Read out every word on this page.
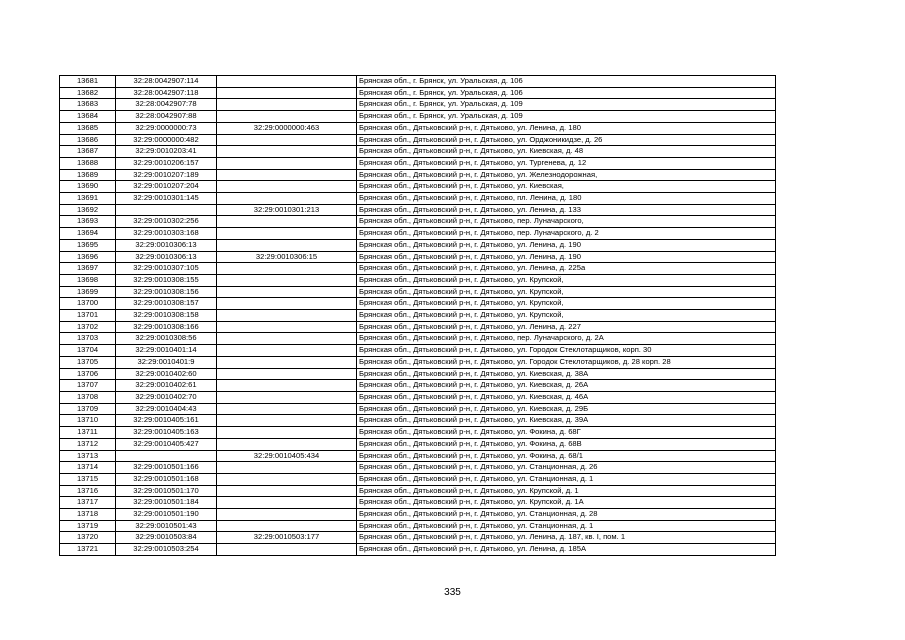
13681	32:28:0042907:114		Брянская обл., г. Брянск, ул. Уральская, д. 106
13682	32:28:0042907:118		Брянская обл., г. Брянск, ул. Уральская, д. 106
13683	32:28:0042907:78		Брянская обл., г. Брянск, ул. Уральская, д. 109
13684	32:28:0042907:88		Брянская обл., г. Брянск, ул. Уральская, д. 109
13685	32:29:0000000:73	32:29:0000000:463	Брянская обл., Дятьковский р-н, г. Дятьково, ул. Ленина, д. 180
13686	32:29:0000000:482		Брянская обл., Дятьковский р-н, г. Дятьково, ул. Орджоникидзе, д. 26
13687	32:29:0010203:41		Брянская обл., Дятьковский р-н, г. Дятьково, ул. Киевская, д. 48
13688	32:29:0010206:157		Брянская обл., Дятьковский р-н, г. Дятьково, ул. Тургенева, д. 12
13689	32:29:0010207:189		Брянская обл., Дятьковский р-н, г. Дятьково, ул. Железнодорожная,
13690	32:29:0010207:204		Брянская обл., Дятьковский р-н, г. Дятьково, ул. Киевская,
13691	32:29:0010301:145		Брянская обл., Дятьковский р-н, г. Дятьково, пл. Ленина, д. 180
13692		32:29:0010301:213	Брянская обл., Дятьковский р-н, г. Дятьково, ул. Ленина, д. 133
13693	32:29:0010302:256		Брянская обл., Дятьковский р-н, г. Дятьково, пер. Луначарского,
13694	32:29:0010303:168		Брянская обл., Дятьковский р-н, г. Дятьково, пер. Луначарского, д. 2
13695	32:29:0010306:13		Брянская обл., Дятьковский р-н, г. Дятьково, ул. Ленина, д. 190
13696	32:29:0010306:13	32:29:0010306:15	Брянская обл., Дятьковский р-н, г. Дятьково, ул. Ленина, д. 190
13697	32:29:0010307:105		Брянская обл., Дятьковский р-н, г. Дятьково, ул. Ленина, д. 225а
13698	32:29:0010308:155		Брянская обл., Дятьковский р-н, г. Дятьково, ул. Крупской,
13699	32:29:0010308:156		Брянская обл., Дятьковский р-н, г. Дятьково, ул. Крупской,
13700	32:29:0010308:157		Брянская обл., Дятьковский р-н, г. Дятьково, ул. Крупской,
13701	32:29:0010308:158		Брянская обл., Дятьковский р-н, г. Дятьково, ул. Крупской,
13702	32:29:0010308:166		Брянская обл., Дятьковский р-н, г. Дятьково, ул. Ленина, д. 227
13703	32:29:0010308:56		Брянская обл., Дятьковский р-н, г. Дятьково, пер. Луначарского, д. 2А
13704	32:29:0010401:14		Брянская обл., Дятьковский р-н, г. Дятьково, ул. Городок Стеклотарщиков, корп. 30
13705	32:29:0010401:9		Брянская обл., Дятьковский р-н, г. Дятьково, ул. Городок Стеклотарщиков, д. 28 корп. 28
13706	32:29:0010402:60		Брянская обл., Дятьковский р-н, г. Дятьково, ул. Киевская, д. 38А
13707	32:29:0010402:61		Брянская обл., Дятьковский р-н, г. Дятьково, ул. Киевская, д. 26А
13708	32:29:0010402:70		Брянская обл., Дятьковский р-н, г. Дятьково, ул. Киевская, д. 46А
13709	32:29:0010404:43		Брянская обл., Дятьковский р-н, г. Дятьково, ул. Киевская, д. 29Б
13710	32:29:0010405:161		Брянская обл., Дятьковский р-н, г. Дятьково, ул. Киевская, д. 39А
13711	32:29:0010405:163		Брянская обл., Дятьковский р-н, г. Дятьково, ул. Фокина, д. 68Г
13712	32:29:0010405:427		Брянская обл., Дятьковский р-н, г. Дятьково, ул. Фокина, д. 68В
13713		32:29:0010405:434	Брянская обл., Дятьковский р-н, г. Дятьково, ул. Фокина, д. 68/1
13714	32:29:0010501:166		Брянская обл., Дятьковский р-н, г. Дятьково, ул. Станционная, д. 26
13715	32:29:0010501:168		Брянская обл., Дятьковский р-н, г. Дятьково, ул. Станционная, д. 1
13716	32:29:0010501:170		Брянская обл., Дятьковский р-н, г. Дятьково, ул. Крупской, д. 1
13717	32:29:0010501:184		Брянская обл., Дятьковский р-н, г. Дятьково, ул. Крупской, д. 1А
13718	32:29:0010501:190		Брянская обл., Дятьковский р-н, г. Дятьково, ул. Станционная, д. 28
13719	32:29:0010501:43		Брянская обл., Дятьковский р-н, г. Дятьково, ул. Станционная, д. 1
13720	32:29:0010503:84	32:29:0010503:177	Брянская обл., Дятьковский р-н, г. Дятьково, ул. Ленина, д. 187, кв. I, пом. 1
13721	32:29:0010503:254		Брянская обл., Дятьковский р-н, г. Дятьково, ул. Ленина, д. 185А
335
